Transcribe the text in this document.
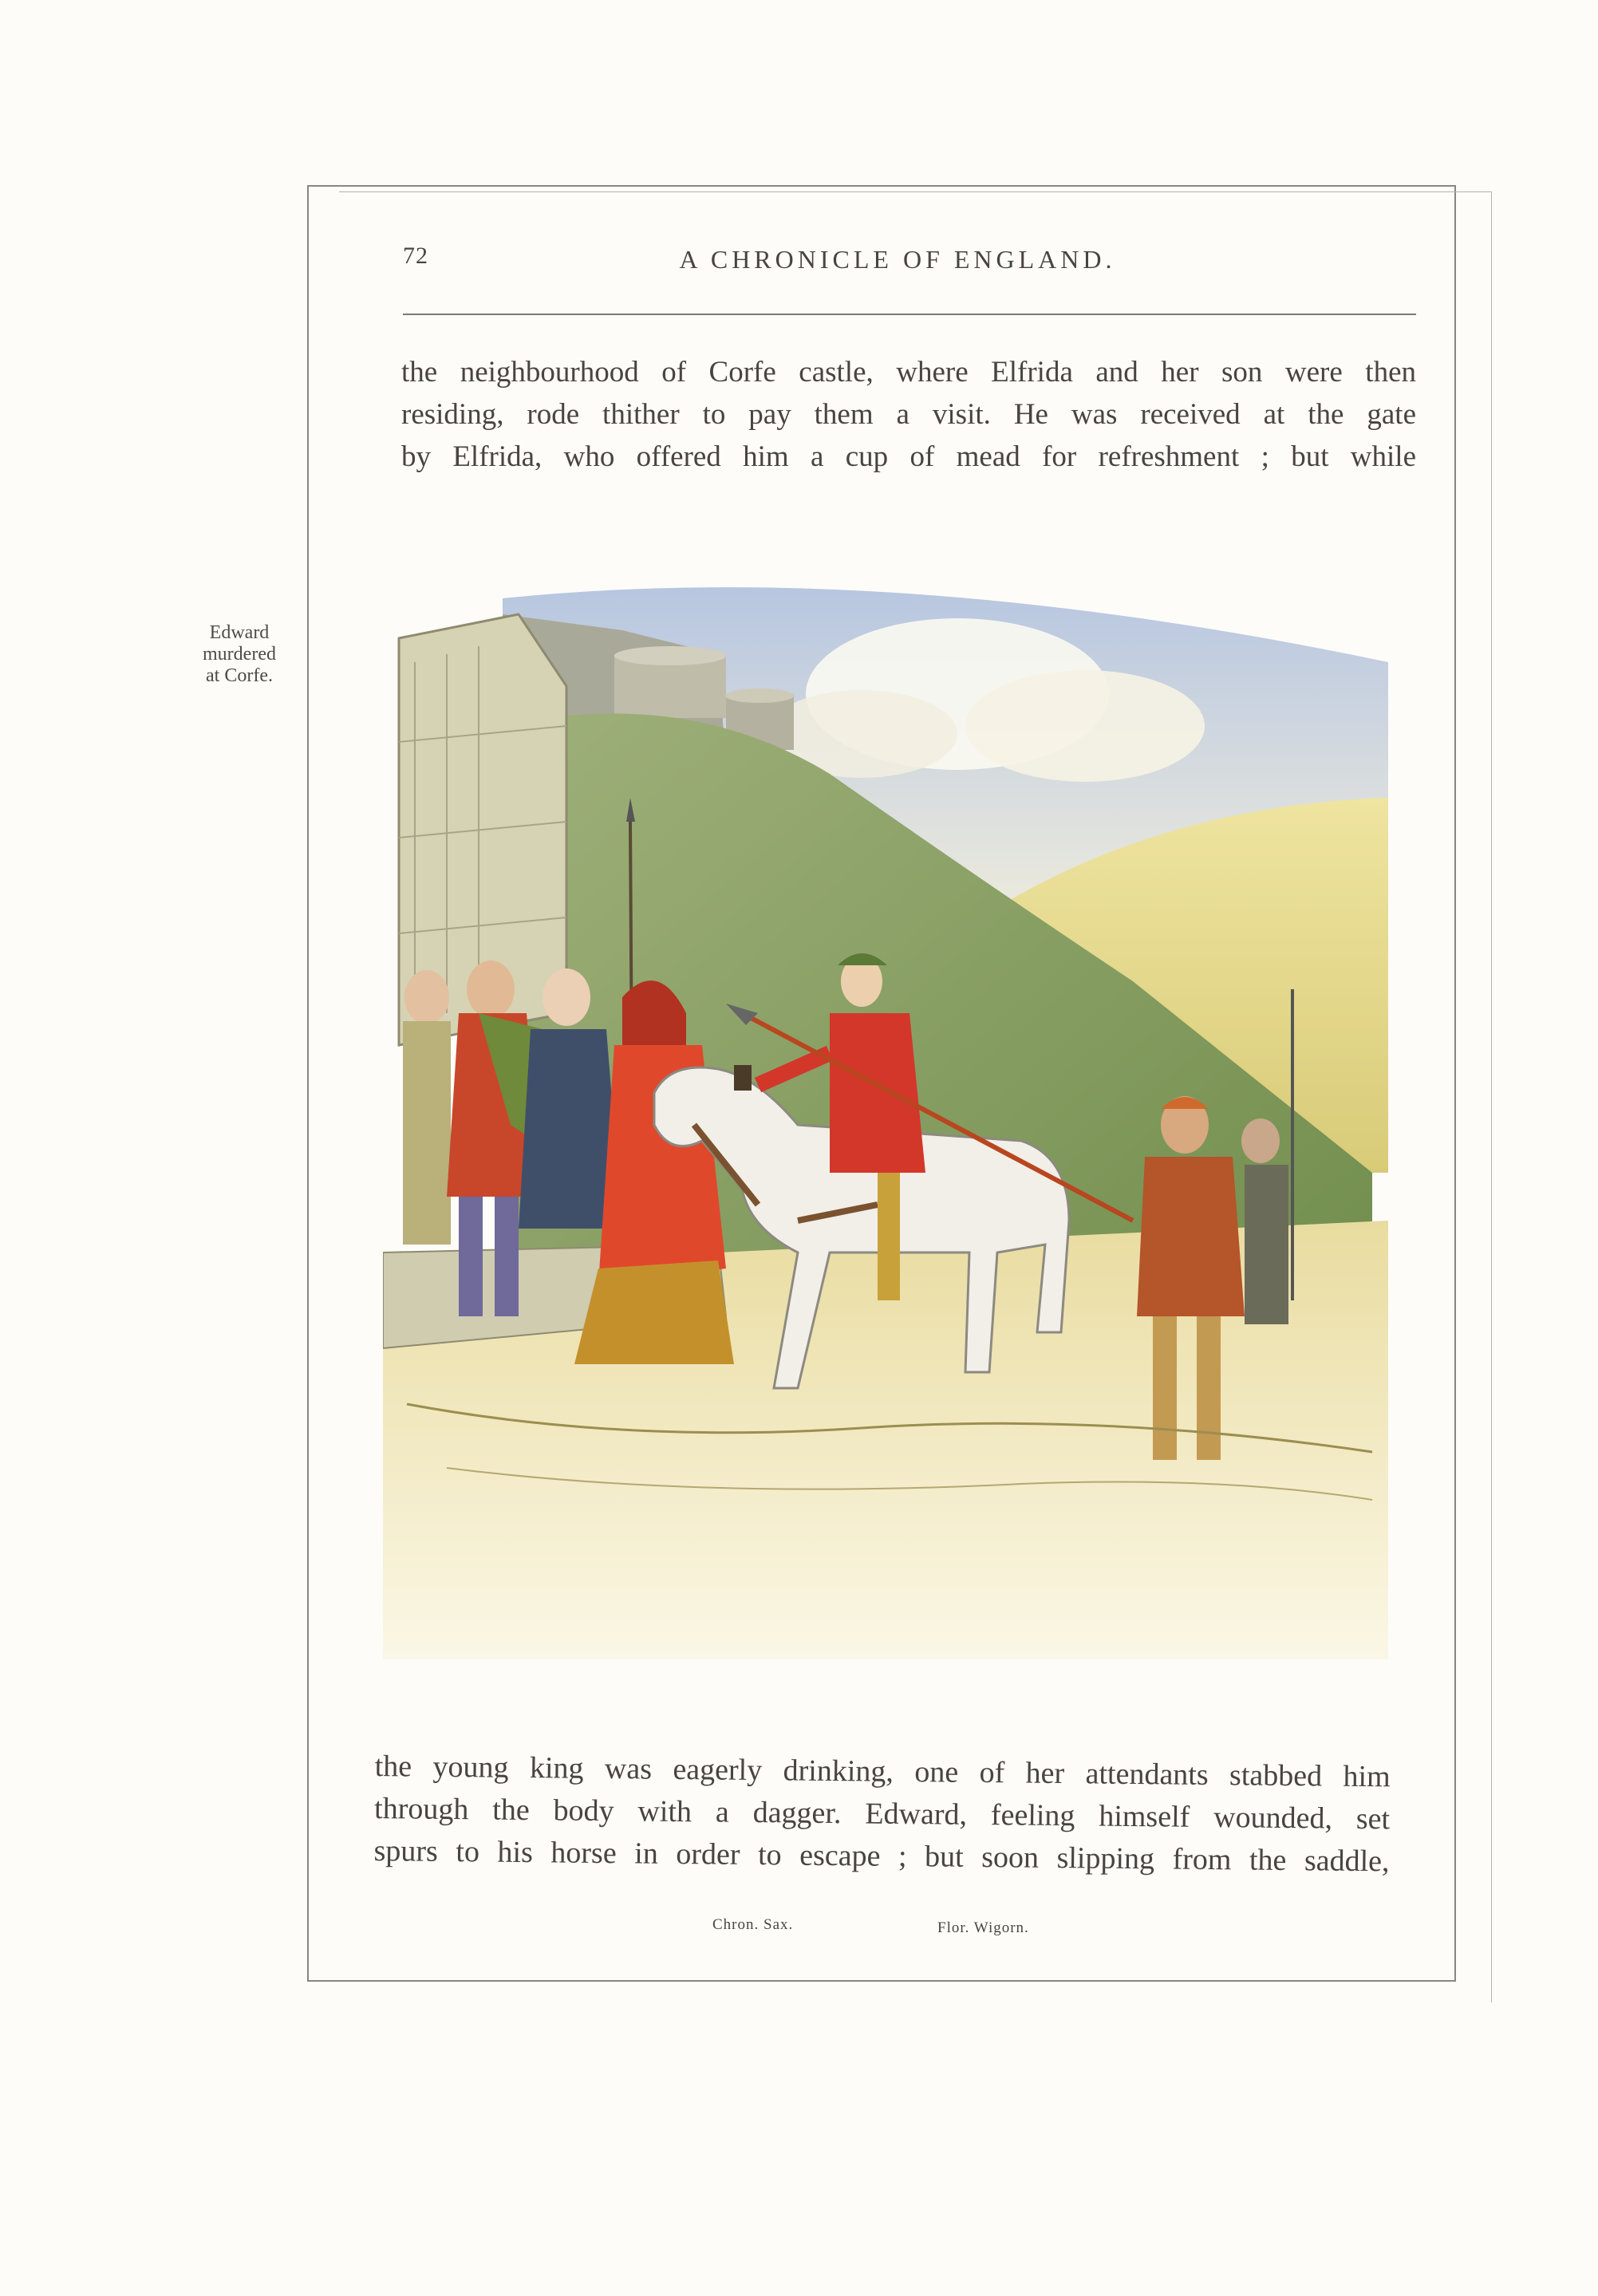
72	A CHRONICLE OF ENGLAND.
the neighbourhood of Corfe castle, where Elfrida and her son were then
residing, rode thither to pay them a visit. He was received at the gate
by Elfrida, who offered him a cup of mead for refreshment ; but while
Edward
murdered
at Corfe.
the young king was eagerly drinking, one of her attendants stabbed him
through the body with a dagger. Edward, feeling himself wounded, set
spurs to his horse in order to escape ; but soon slipping from the saddle,
Chron. Sax.	Flor. Wigorn.
